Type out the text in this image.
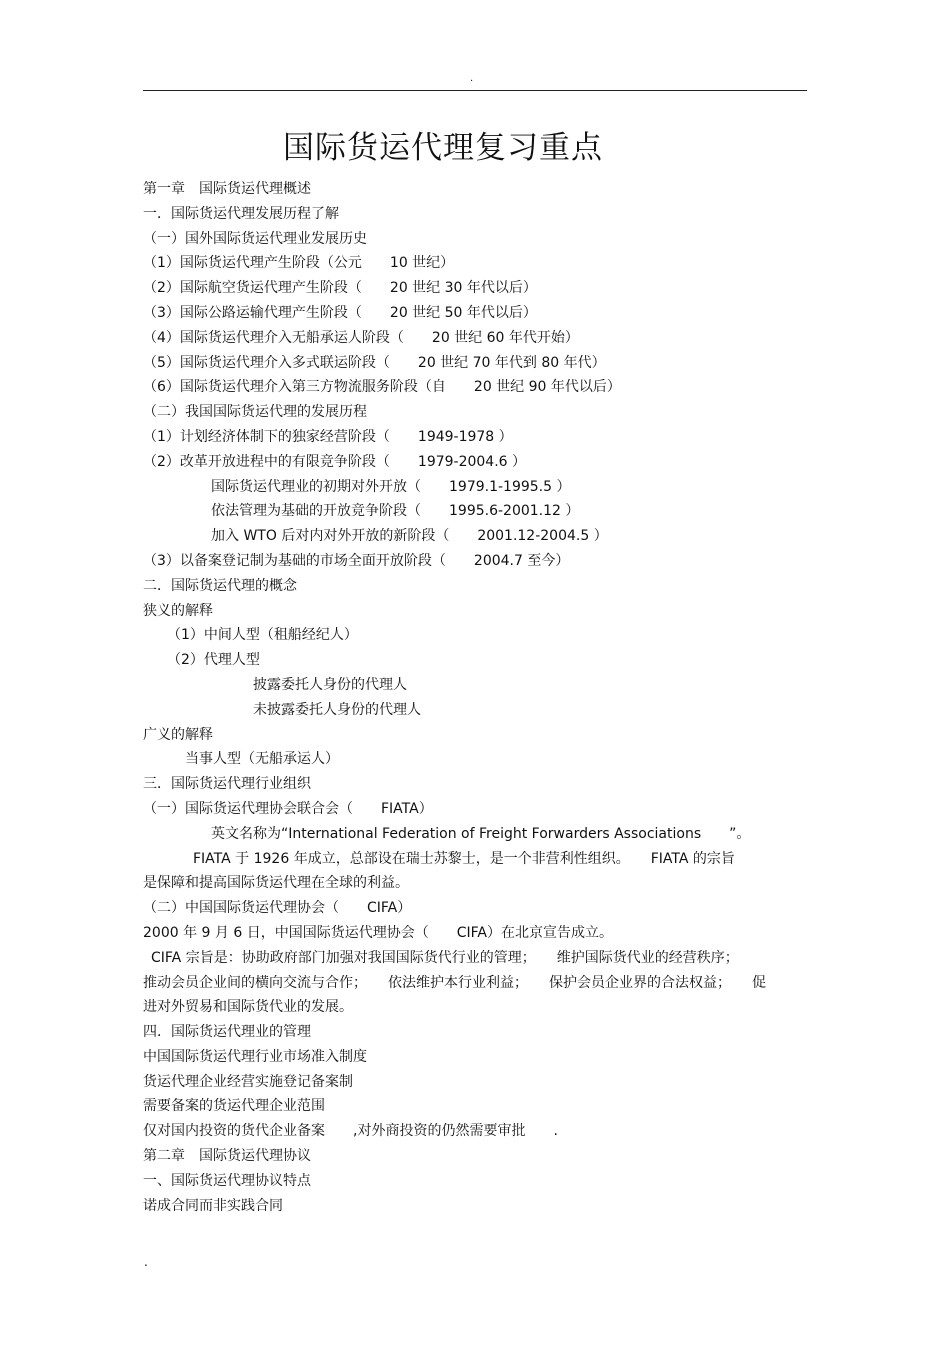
.
国际货运代理复习重点
第一章　国际货运代理概述
一．国际货运代理发展历程了解
（一）国外国际货运代理业发展历史
（1）国际货运代理产生阶段（公元　　10 世纪）
（2）国际航空货运代理产生阶段（　　20 世纪 30 年代以后）
（3）国际公路运输代理产生阶段（　　20 世纪 50 年代以后）
（4）国际货运代理介入无船承运人阶段（　　20 世纪 60 年代开始）
（5）国际货运代理介入多式联运阶段（　　20 世纪 70 年代到 80 年代）
（6）国际货运代理介入第三方物流服务阶段（自　　20 世纪 90 年代以后）
（二）我国国际货运代理的发展历程
（1）计划经济体制下的独家经营阶段（　　1949-1978 ）
（2）改革开放进程中的有限竞争阶段（　　1979-2004.6 ）
国际货运代理业的初期对外开放（　　1979.1-1995.5 ）
依法管理为基础的开放竞争阶段（　　1995.6-2001.12 ）
加入 WTO 后对内对外开放的新阶段（　　2001.12-2004.5 ）
（3）以备案登记制为基础的市场全面开放阶段（　　2004.7 至今）
二．国际货运代理的概念
狭义的解释
（1）中间人型（租船经纪人）
（2）代理人型
披露委托人身份的代理人
未披露委托人身份的代理人
广义的解释
当事人型（无船承运人）
三．国际货运代理行业组织
（一）国际货运代理协会联合会（　　FIATA）
英文名称为“International Federation of Freight Forwarders Associations　　”。
FIATA 于 1926 年成立，总部设在瑞士苏黎士，是一个非营利性组织。　　FIATA 的宗旨
是保障和提高国际货运代理在全球的利益。
（二）中国国际货运代理协会（　　CIFA）
2000 年 9 月 6 日，中国国际货运代理协会（　　CIFA）在北京宣告成立。
CIFA 宗旨是：协助政府部门加强对我国国际货代行业的管理；　　维护国际货代业的经营秩序；
推动会员企业间的横向交流与合作；　　依法维护本行业利益；　　保护会员企业界的合法权益；　　促
进对外贸易和国际货代业的发展。
四．国际货运代理业的管理
中国国际货运代理行业市场准入制度
货运代理企业经营实施登记备案制
需要备案的货运代理企业范围
仅对国内投资的货代企业备案　　,对外商投资的仍然需要审批　　.
第二章　国际货运代理协议
一、国际货运代理协议特点
诺成合同而非实践合同
.
